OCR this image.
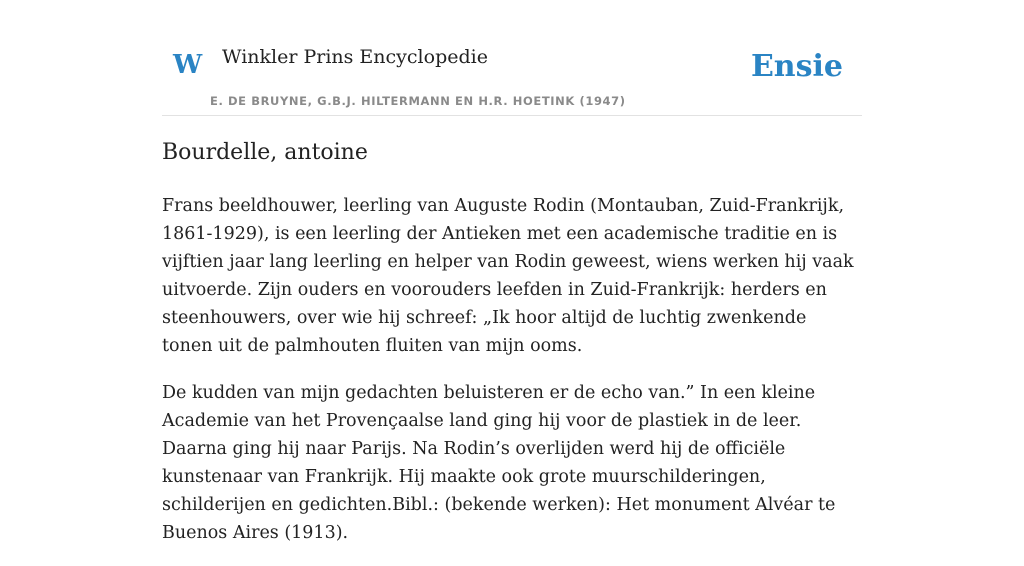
W Winkler Prins Encyclopedie
E. DE BRUYNE, G.B.J. HILTERMANN EN H.R. HOETINK (1947)
Ensie
Bourdelle, antoine

Frans beeldhouwer, leerling van Auguste Rodin (Montauban, Zuid-Frankrijk, 1861-1929), is een leerling der Antieken met een academische traditie en is vijftien jaar lang leerling en helper van Rodin geweest, wiens werken hij vaak uitvoerde. Zijn ouders en voorouders leefden in Zuid-Frankrijk: herders en steenhouwers, over wie hij schreef: „Ik hoor altijd de luchtig zwenkende tonen uit de palmhouten fluiten van mijn ooms.

De kudden van mijn gedachten beluisteren er de echo van.” In een kleine Academie van het Provençaalse land ging hij voor de plastiek in de leer. Daarna ging hij naar Parijs. Na Rodin’s overlijden werd hij de officiële kunstenaar van Frankrijk. Hij maakte ook grote muurschilderingen, schilderijen en gedichten.Bibl.: (bekende werken): Het monument Alvéar te Buenos Aires (1913).
